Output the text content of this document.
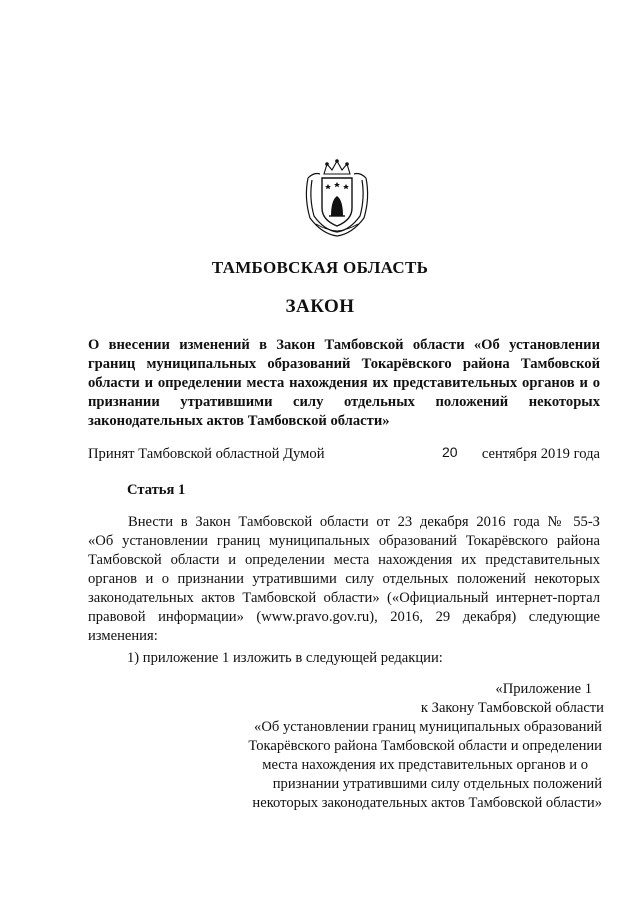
ТАМБОВСКАЯ ОБЛАСТЬ
ЗАКОН
О внесении изменений в Закон Тамбовской области «Об установлении
границ муниципальных образований Токарёвского района Тамбовской
области и определении места нахождения их представительных органов и о
признании утратившими силу отдельных положений некоторых
законодательных актов Тамбовской области»
Принят Тамбовской областной Думой	20 сентября 2019 года
Статья 1
Внести в Закон Тамбовской области от 23 декабря 2016 года № 55-З
«Об установлении границ муниципальных образований Токарёвского района
Тамбовской области и определении места нахождения их представительных
органов и о признании утратившими силу отдельных положений некоторых
законодательных актов Тамбовской области» («Официальный интернет-портал
правовой информации» (www.pravo.gov.ru), 2016, 29 декабря) следующие
изменения:
1) приложение 1 изложить в следующей редакции:
«Приложение 1
к Закону Тамбовской области
«Об установлении границ муниципальных образований
Токарёвского района Тамбовской области и определении
места нахождения их представительных органов и о
признании утратившими силу отдельных положений
некоторых законодательных актов Тамбовской области»
